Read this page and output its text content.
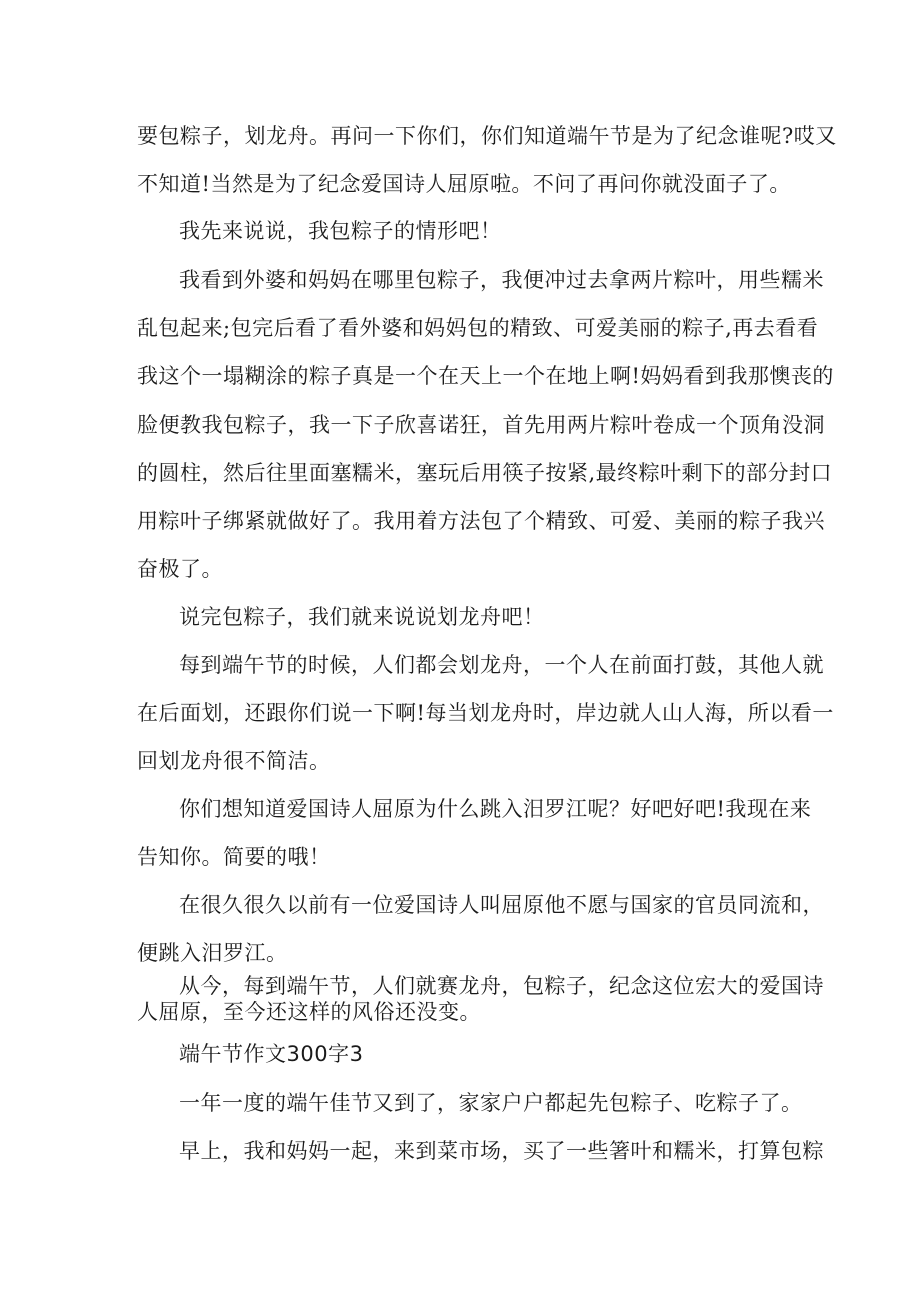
要包粽子，划龙舟。再问一下你们，你们知道端午节是为了纪念谁呢?哎又
不知道!当然是为了纪念爱国诗人屈原啦。不问了再问你就没面子了。
我先来说说，我包粽子的情形吧！
我看到外婆和妈妈在哪里包粽子，我便冲过去拿两片粽叶，用些糯米
乱包起来;包完后看了看外婆和妈妈包的精致、可爱美丽的粽子,再去看看
我这个一塌糊涂的粽子真是一个在天上一个在地上啊!妈妈看到我那懊丧的
脸便教我包粽子，我一下子欣喜诺狂，首先用两片粽叶卷成一个顶角没洞
的圆柱，然后往里面塞糯米，塞玩后用筷子按紧,最终粽叶剩下的部分封口
用粽叶子绑紧就做好了。我用着方法包了个精致、可爱、美丽的粽子我兴
奋极了。
说完包粽子，我们就来说说划龙舟吧！
每到端午节的时候，人们都会划龙舟，一个人在前面打鼓，其他人就
在后面划，还跟你们说一下啊!每当划龙舟时，岸边就人山人海，所以看一
回划龙舟很不简洁。
你们想知道爱国诗人屈原为什么跳入汨罗江呢？好吧好吧!我现在来
告知你。简要的哦！
在很久很久以前有一位爱国诗人叫屈原他不愿与国家的官员同流和，
便跳入汨罗江。
从今，每到端午节，人们就赛龙舟，包粽子，纪念这位宏大的爱国诗
人屈原，至今还这样的风俗还没变。
端午节作文300字3
一年一度的端午佳节又到了，家家户户都起先包粽子、吃粽子了。
早上，我和妈妈一起，来到菜市场，买了一些箸叶和糯米，打算包粽
